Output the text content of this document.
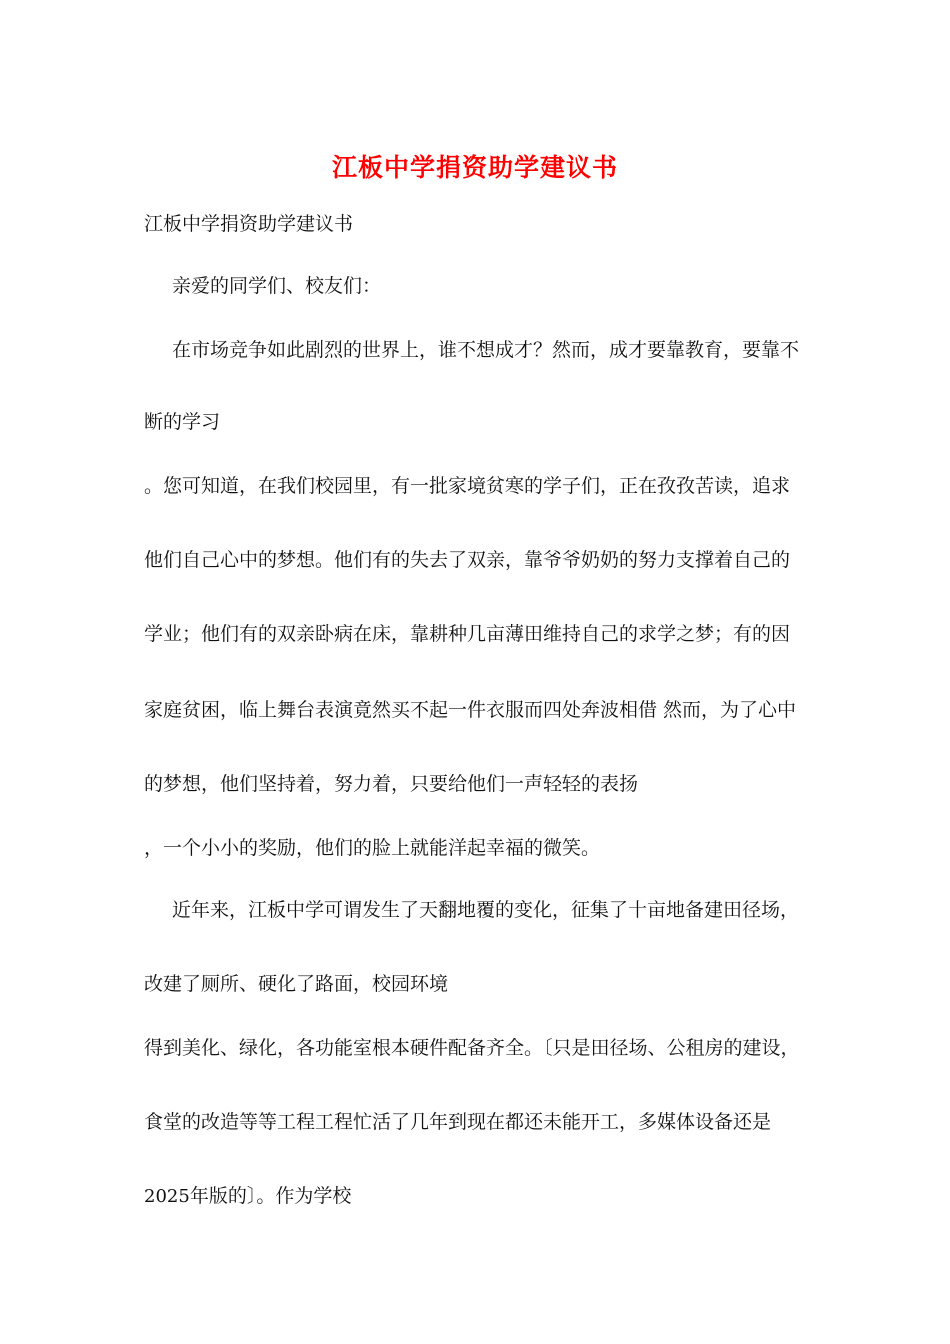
江板中学捐资助学建议书
江板中学捐资助学建议书
亲爱的同学们、校友们：
在市场竞争如此剧烈的世界上，谁不想成才？然而，成才要靠教育，要靠不
断的学习
。您可知道，在我们校园里，有一批家境贫寒的学子们，正在孜孜苦读，追求
他们自己心中的梦想。他们有的失去了双亲，靠爷爷奶奶的努力支撑着自己的
学业；他们有的双亲卧病在床，靠耕种几亩薄田维持自己的求学之梦；有的因
家庭贫困，临上舞台表演竟然买不起一件衣服而四处奔波相借 然而，为了心中
的梦想，他们坚持着，努力着，只要给他们一声轻轻的表扬
，一个小小的奖励，他们的脸上就能洋起幸福的微笑。
近年来，江板中学可谓发生了天翻地覆的变化，征集了十亩地备建田径场，
改建了厕所、硬化了路面，校园环境
得到美化、绿化，各功能室根本硬件配备齐全。〔只是田径场、公租房的建设，
食堂的改造等等工程工程忙活了几年到现在都还未能开工，多媒体设备还是
2025年版的〕。作为学校
